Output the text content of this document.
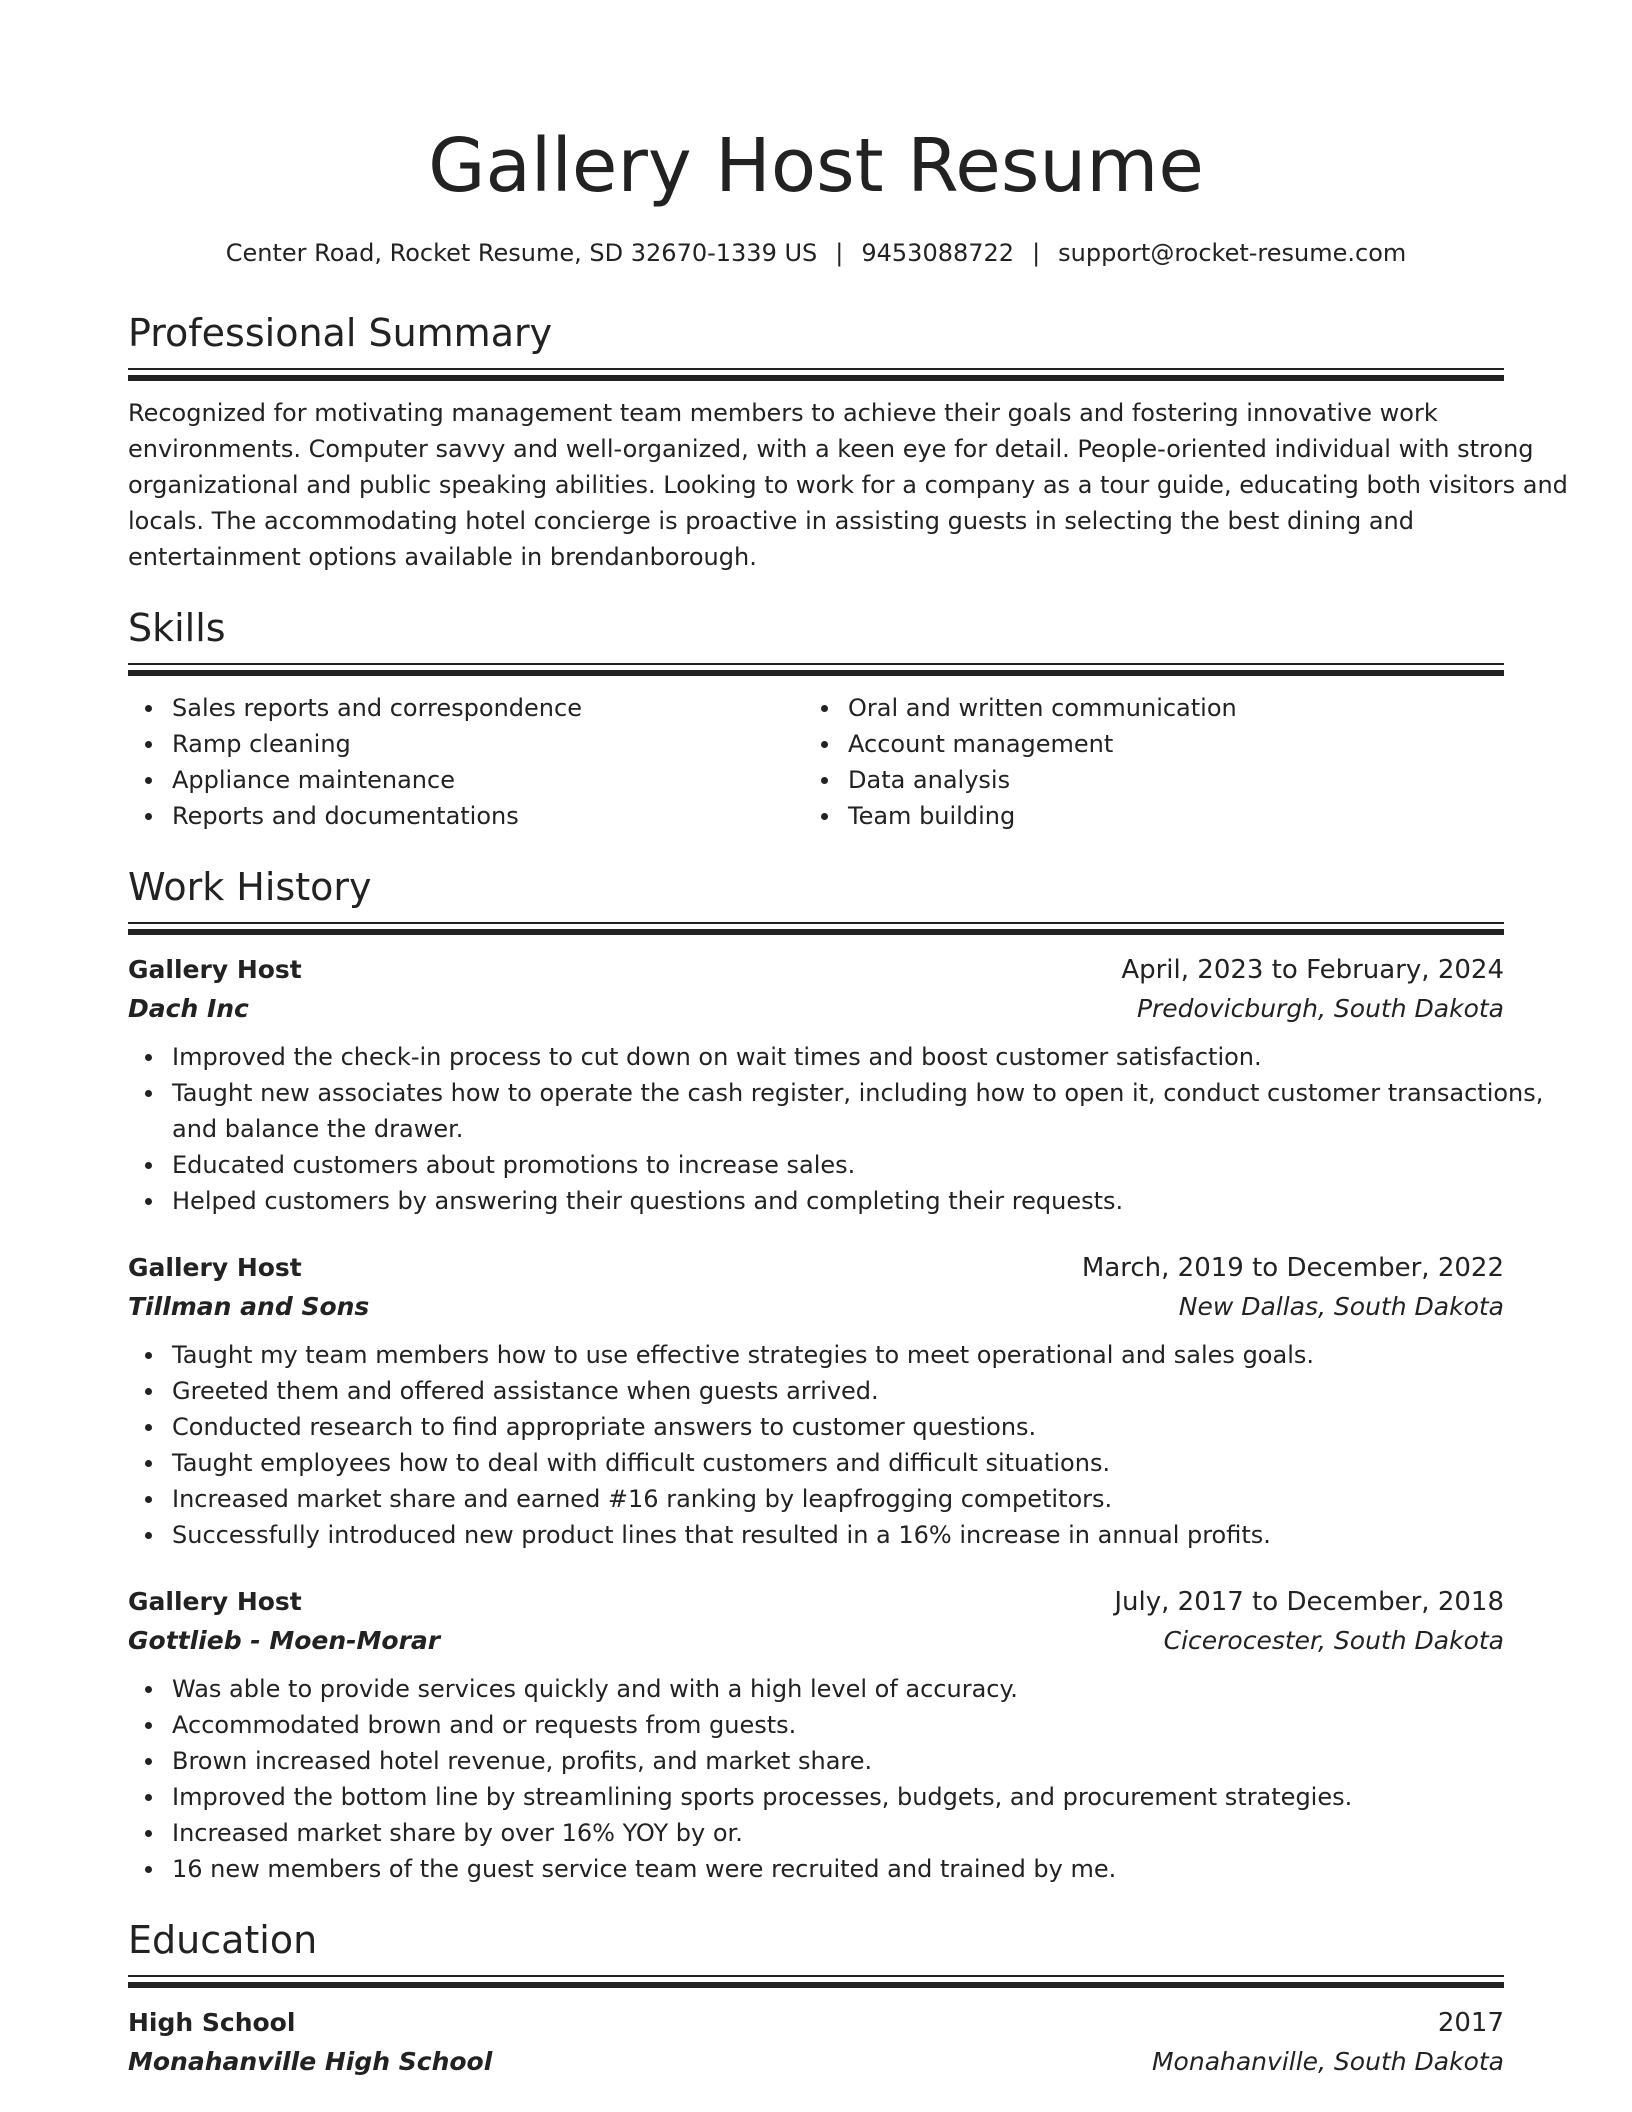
Gallery Host Resume
Center Road, Rocket Resume, SD 32670-1339 US | 9453088722 | support@rocket-resume.com
Professional Summary
Recognized for motivating management team members to achieve their goals and fostering innovative work
environments. Computer savvy and well-organized, with a keen eye for detail. People-oriented individual with strong
organizational and public speaking abilities. Looking to work for a company as a tour guide, educating both visitors and
locals. The accommodating hotel concierge is proactive in assisting guests in selecting the best dining and
entertainment options available in brendanborough.
Skills
Sales reports and correspondence
Ramp cleaning
Appliance maintenance
Reports and documentations
Oral and written communication
Account management
Data analysis
Team building
Work History
Gallery Host	April, 2023 to February, 2024
Dach Inc	Predovicburgh, South Dakota
Improved the check-in process to cut down on wait times and boost customer satisfaction.
Taught new associates how to operate the cash register, including how to open it, conduct customer transactions,
and balance the drawer.
Educated customers about promotions to increase sales.
Helped customers by answering their questions and completing their requests.
Gallery Host	March, 2019 to December, 2022
Tillman and Sons	New Dallas, South Dakota
Taught my team members how to use effective strategies to meet operational and sales goals.
Greeted them and offered assistance when guests arrived.
Conducted research to find appropriate answers to customer questions.
Taught employees how to deal with difficult customers and difficult situations.
Increased market share and earned #16 ranking by leapfrogging competitors.
Successfully introduced new product lines that resulted in a 16% increase in annual profits.
Gallery Host	July, 2017 to December, 2018
Gottlieb - Moen-Morar	Cicerocester, South Dakota
Was able to provide services quickly and with a high level of accuracy.
Accommodated brown and or requests from guests.
Brown increased hotel revenue, profits, and market share.
Improved the bottom line by streamlining sports processes, budgets, and procurement strategies.
Increased market share by over 16% YOY by or.
16 new members of the guest service team were recruited and trained by me.
Education
High School	2017
Monahanville High School	Monahanville, South Dakota
